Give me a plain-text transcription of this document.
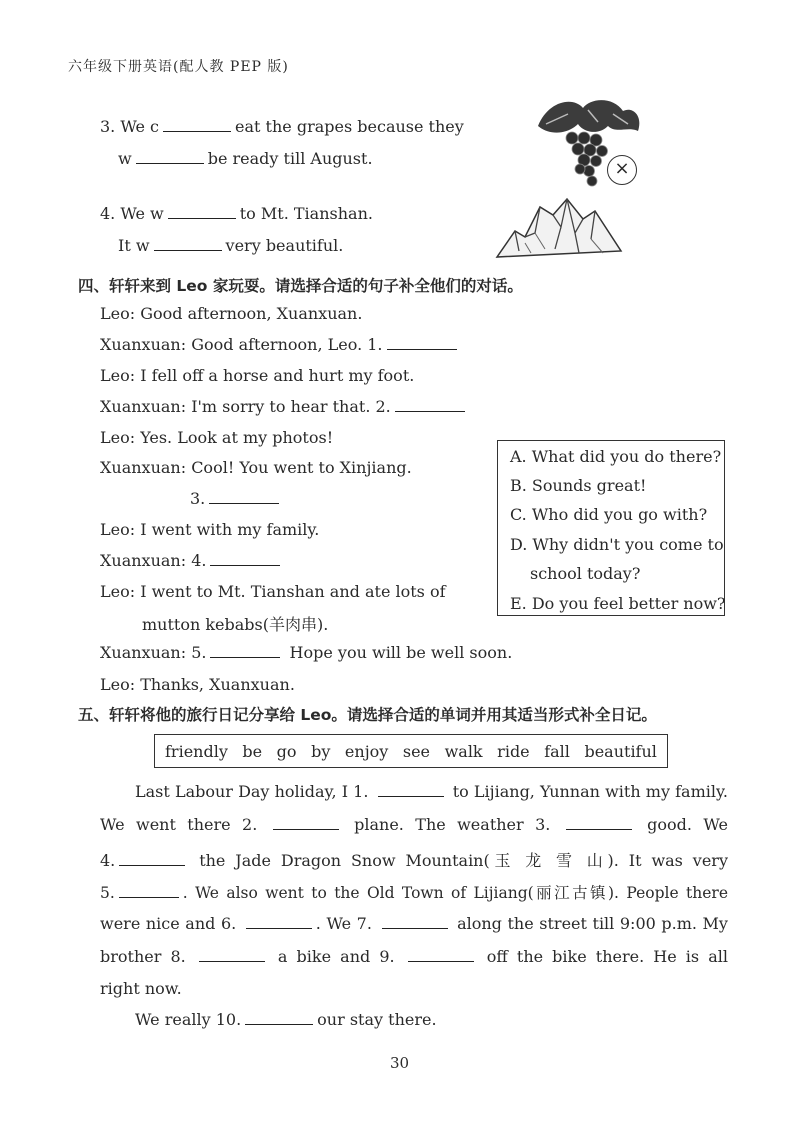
六年级下册英语(配人教 PEP 版)
3. We c	eat the grapes because they
w	be ready till August.	×
4. We w	to Mt. Tianshan.
It w	very beautiful.
四、轩轩来到 Leo 家玩耍。请选择合适的句子补全他们的对话。
Leo: Good afternoon, Xuanxuan.
Xuanxuan: Good afternoon, Leo. 1.
Leo: I fell off a horse and hurt my foot.
Xuanxuan: I'm sorry to hear that. 2.
Leo: Yes. Look at my photos!
Xuanxuan: Cool! You went to Xinjiang.
3.
Leo: I went with my family.
Xuanxuan: 4.
Leo: I went to Mt. Tianshan and ate lots of
mutton kebabs(羊肉串).
Xuanxuan: 5.	Hope you will be well soon.
Leo: Thanks, Xuanxuan.
A. What did you do there?
B. Sounds great!
C. Who did you go with?
D. Why didn't you come to
school today?
E. Do you feel better now?
五、轩轩将他的旅行日记分享给 Leo。请选择合适的单词并用其适当形式补全日记。
friendly be go by enjoy see walk ride fall beautiful
Last Labour Day holiday, I 1.	to Lijiang, Yunnan with my family.
We went there 2.	plane. The weather 3.	good. We
4.	the Jade Dragon Snow Mountain(玉 龙 雪 山). It was very
5.	. We also went to the Old Town of Lijiang(丽江古镇). People there
were nice and 6.	. We 7.	along the street till 9:00 p.m. My
brother 8.	a bike and 9.	off the bike there. He is all
right now.
We really 10.	our stay there.
30
